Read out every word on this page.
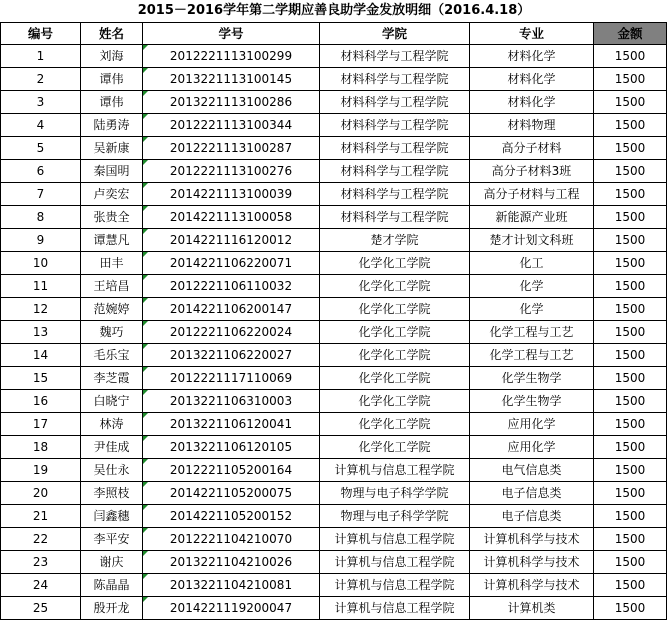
2015－2016学年第二学期应善良助学金发放明细（2016.4.18）
编号	姓名	学号	学院	专业	金额
1	刘海	2012221113100299	材料科学与工程学院	材料化学	1500
2	谭伟	2013221113100145	材料科学与工程学院	材料化学	1500
3	谭伟	2013221113100286	材料科学与工程学院	材料化学	1500
4	陆勇涛	2012221113100344	材料科学与工程学院	材料物理	1500
5	吴新康	2012221113100287	材料科学与工程学院	高分子材料	1500
6	秦国明	2012221113100276	材料科学与工程学院	高分子材料3班	1500
7	卢奕宏	2014221113100039	材料科学与工程学院	高分子材料与工程	1500
8	张贵全	2014221113100058	材料科学与工程学院	新能源产业班	1500
9	谭慧凡	2014221116120012	楚才学院	楚才计划文科班	1500
10	田丰	2014221106220071	化学化工学院	化工	1500
11	王培昌	2012221106110032	化学化工学院	化学	1500
12	范婉婷	2014221106200147	化学化工学院	化学	1500
13	魏巧	2012221106220024	化学化工学院	化学工程与工艺	1500
14	毛乐宝	2013221106220027	化学化工学院	化学工程与工艺	1500
15	李芝霞	2012221117110069	化学化工学院	化学生物学	1500
16	白晓宁	2013221106310003	化学化工学院	化学生物学	1500
17	林涛	2013221106120041	化学化工学院	应用化学	1500
18	尹佳成	2013221106120105	化学化工学院	应用化学	1500
19	吴仕永	2012221105200164	计算机与信息工程学院	电气信息类	1500
20	李照枝	2014221105200075	物理与电子科学学院	电子信息类	1500
21	闫鑫穗	2014221105200152	物理与电子科学学院	电子信息类	1500
22	李平安	2012221104210070	计算机与信息工程学院	计算机科学与技术	1500
23	谢庆	2013221104210026	计算机与信息工程学院	计算机科学与技术	1500
24	陈晶晶	2013221104210081	计算机与信息工程学院	计算机科学与技术	1500
25	殷开龙	2014221119200047	计算机与信息工程学院	计算机类	1500
